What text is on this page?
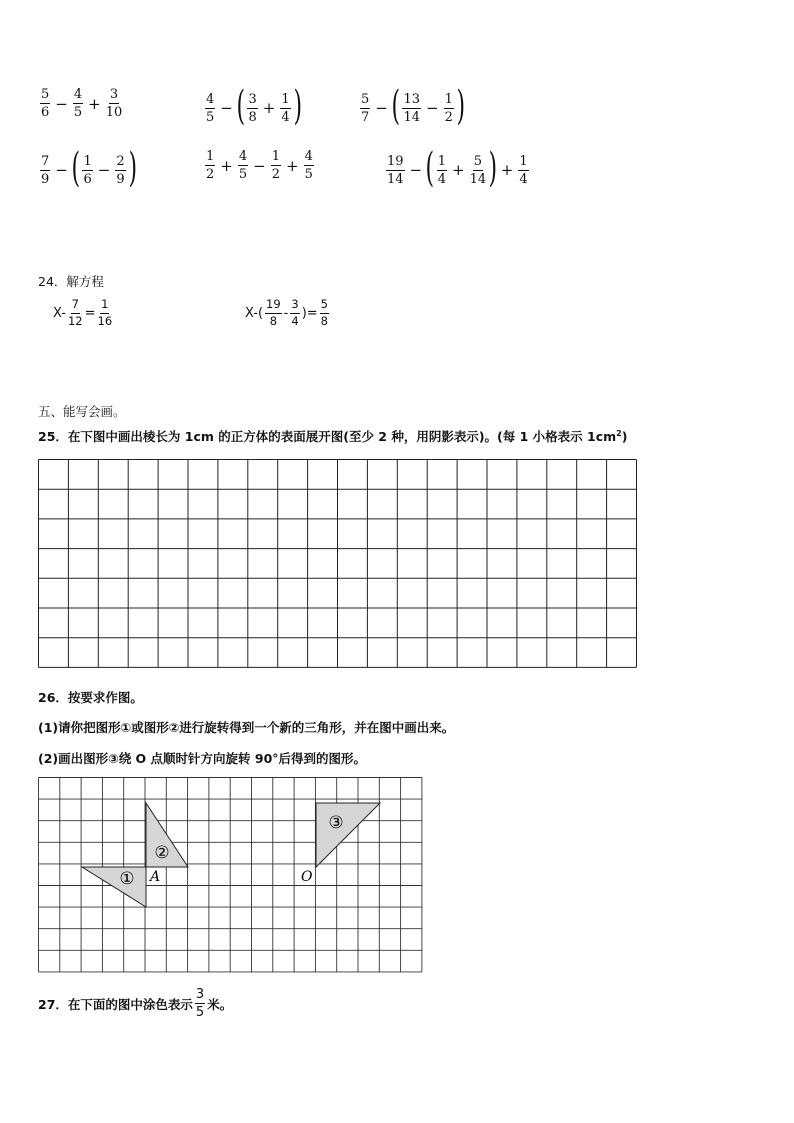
$\frac{5}{6} - \frac{4}{5} + \frac{3}{10}$	$\frac{4}{5}$ − ( $\frac{3}{8} + \frac{1}{4}$ )	$\frac{5}{7}$ − ( $\frac{13}{14} - \frac{1}{2}$ )
$\frac{7}{9}$ − ( $\frac{1}{6} - \frac{2}{9}$ )	$\frac{1}{2} + \frac{4}{5} - \frac{1}{2} + \frac{4}{5}$	$\frac{19}{14}$ − ( $\frac{1}{4} + \frac{5}{14}$ ) + $\frac{1}{4}$
24．解方程
$X- \frac{7}{12} = \frac{1}{16}$	$X-( \frac{19}{8} - \frac{3}{4}$ )= $\frac{5}{8}$
五、能写会画。
25．在下图中画出棱长为 1cm 的正方体的表面展开图(至少 2 种，用阴影表示)。(每 1 小格表示 $1cm^2$)
26．按要求作图。
(1)请你把图形①或图形②进行旋转得到一个新的三角形，并在图中画出来。
(2)画出图形③绕 O 点顺时针方向旋转 90°后得到的图形。
①
②
③
A	O
27．在下面的图中涂色表示 $\frac{3}{5}$ 米。
